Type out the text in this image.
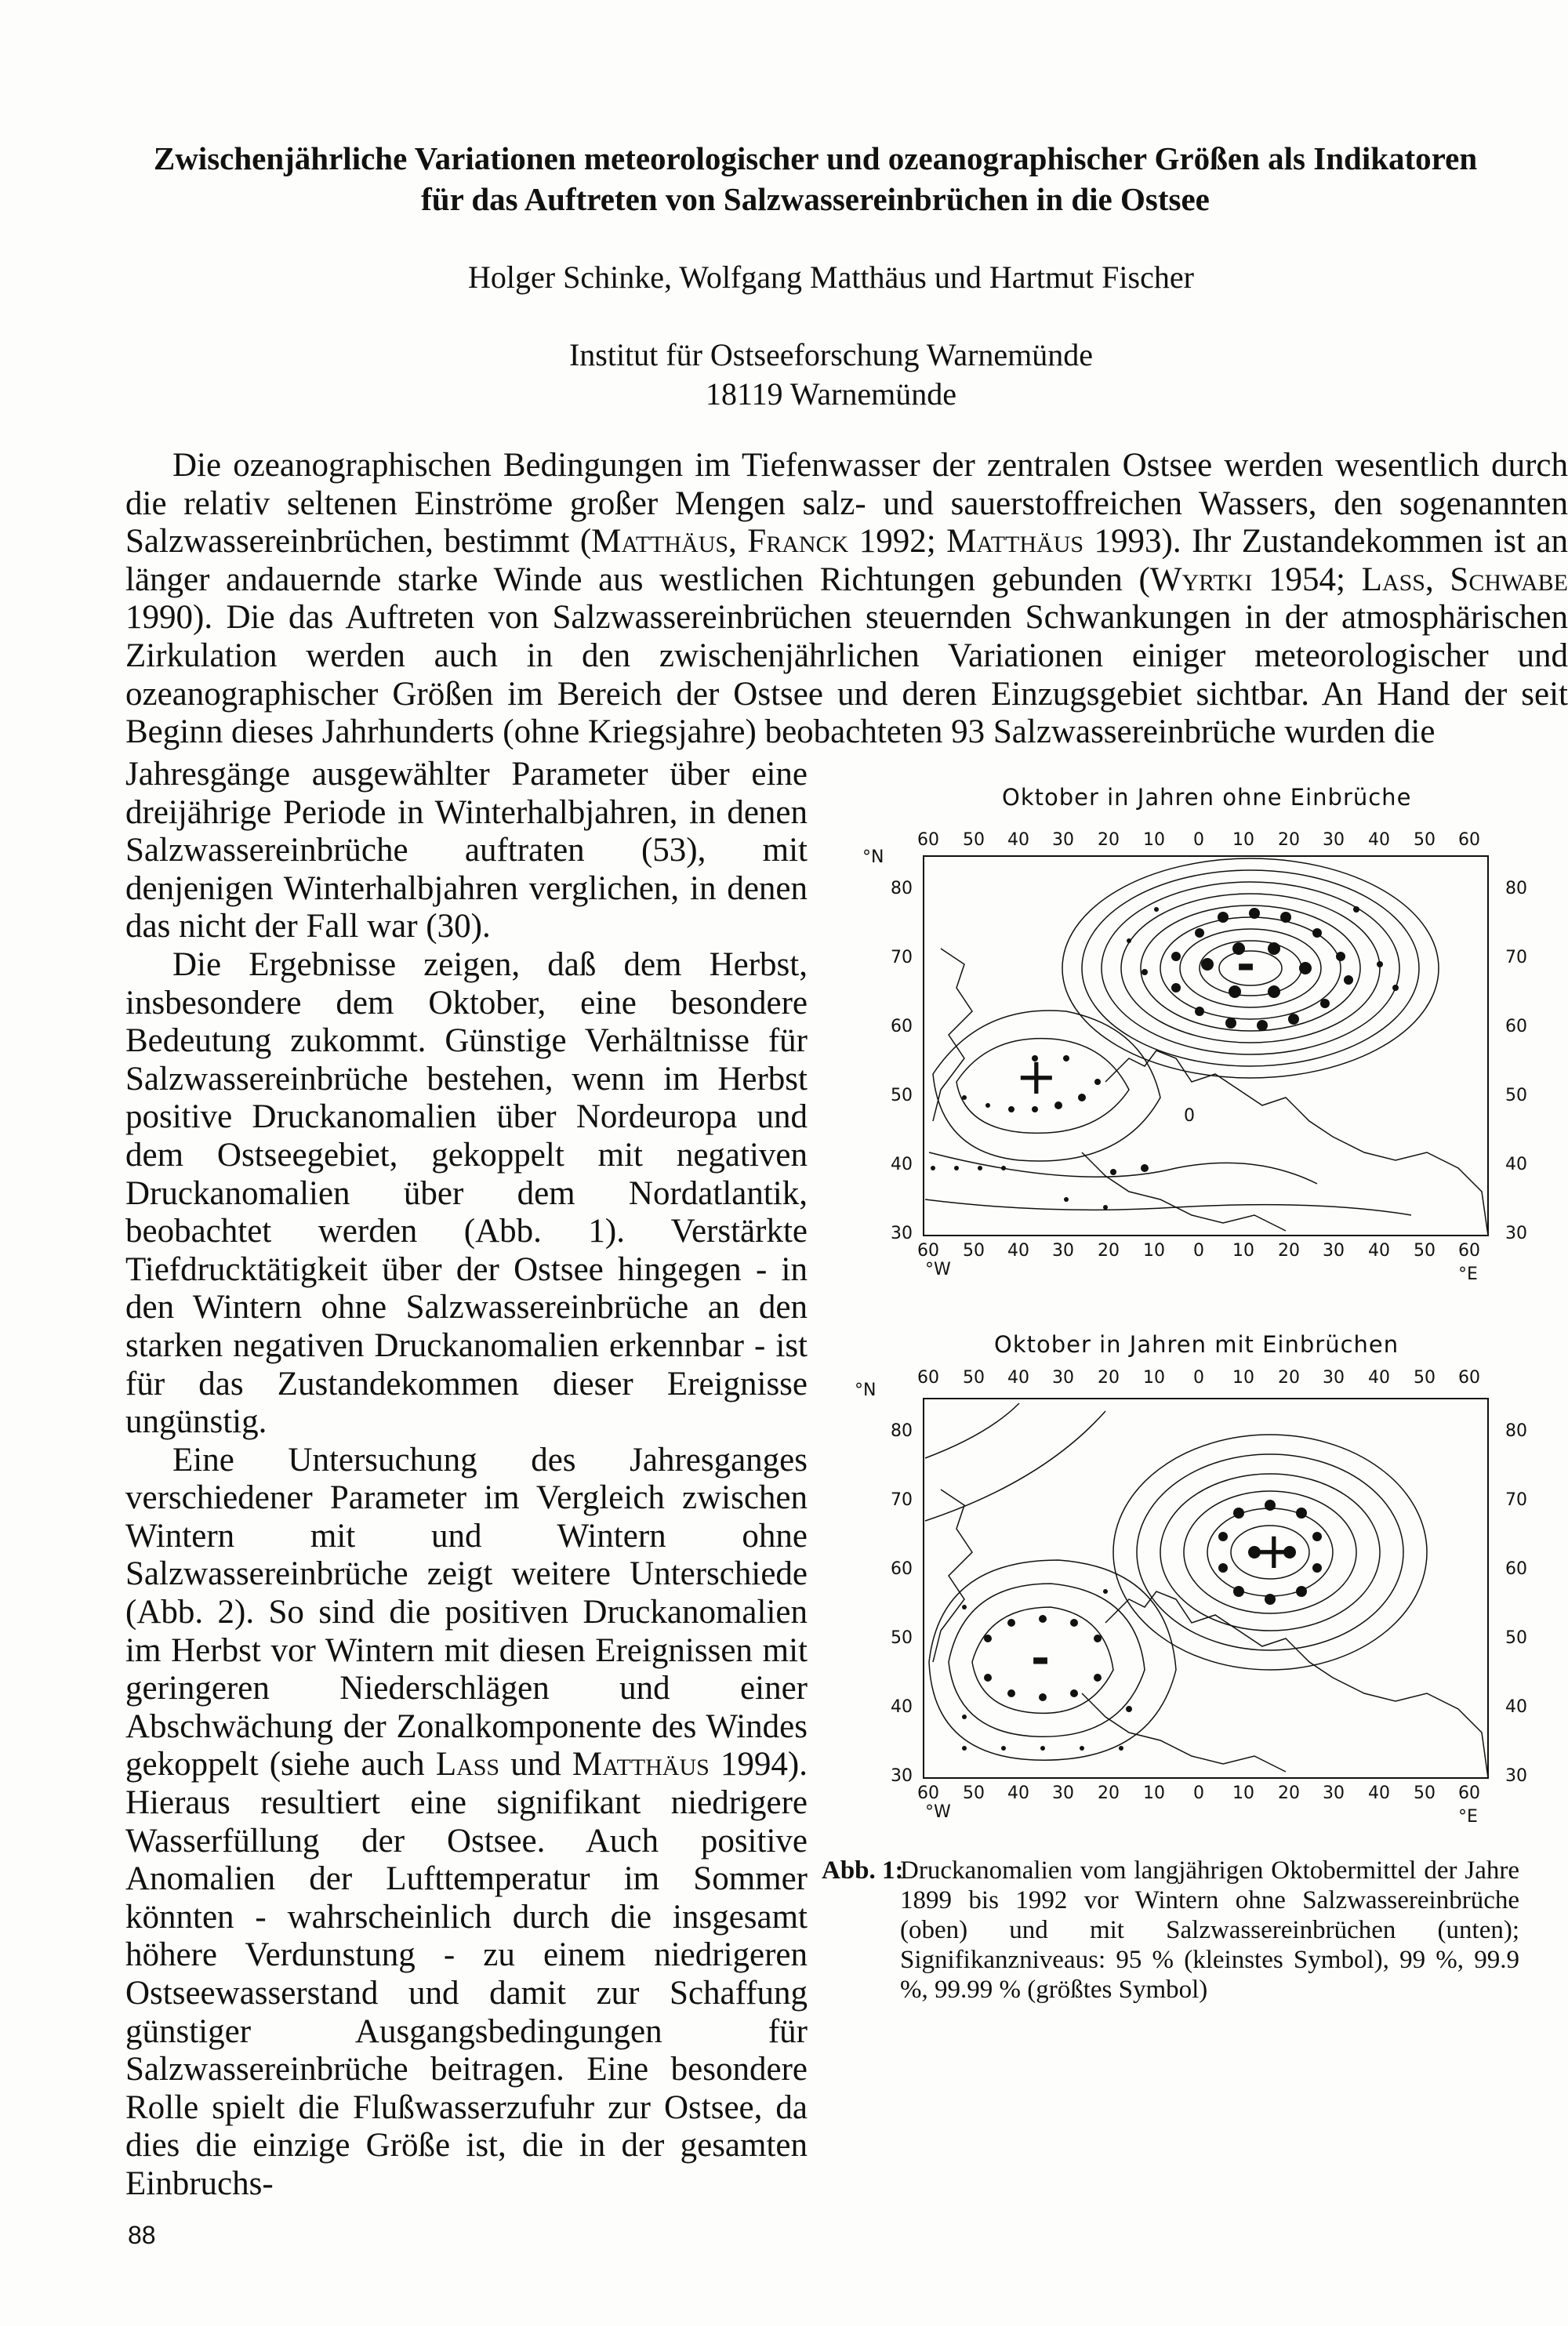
Zwischenjährliche Variationen meteorologischer und ozeanographischer Größen als Indikatoren
für das Auftreten von Salzwassereinbrüchen in die Ostsee
Holger Schinke, Wolfgang Matthäus und Hartmut Fischer
Institut für Ostseeforschung Warnemünde
18119 Warnemünde

Die ozeanographischen Bedingungen im Tiefenwasser der zentralen Ostsee werden wesentlich durch die relativ seltenen Einströme großer Mengen salz- und sauerstoffreichen Wassers, den sogenannten Salzwassereinbrüchen, bestimmt (Matthäus, Franck 1992; Matthäus 1993). Ihr Zustandekommen ist an länger andauernde starke Winde aus westlichen Richtungen gebunden (Wyrtki 1954; Lass, Schwabe 1990). Die das Auftreten von Salzwassereinbrüchen steuernden Schwankungen in der atmosphärischen Zirkulation werden auch in den zwischenjährlichen Variationen einiger meteorologischer und ozeanographischer Größen im Bereich der Ostsee und deren Einzugsgebiet sichtbar. An Hand der seit Beginn dieses Jahrhunderts (ohne Kriegsjahre) beobachteten 93 Salzwassereinbrüche wurden die

Jahresgänge ausgewählter Parameter über eine dreijährige Periode in Winterhalbjahren, in denen Salzwassereinbrüche auftraten (53), mit denjenigen Winterhalbjahren verglichen, in denen das nicht der Fall war (30).

Die Ergebnisse zeigen, daß dem Herbst, insbesondere dem Oktober, eine besondere Bedeutung zukommt. Günstige Verhältnisse für Salzwassereinbrüche bestehen, wenn im Herbst positive Druckanomalien über Nordeuropa und dem Ostseegebiet, gekoppelt mit negativen Druckanomalien über dem Nordatlantik, beobachtet werden (Abb. 1). Verstärkte Tiefdrucktätigkeit über der Ostsee hingegen - in den Wintern ohne Salzwassereinbrüche an den starken negativen Druckanomalien erkennbar - ist für das Zustandekommen dieser Ereignisse ungünstig.

Eine Untersuchung des Jahresganges verschiedener Parameter im Vergleich zwischen Wintern mit und Wintern ohne Salzwassereinbrüche zeigt weitere Unterschiede (Abb. 2). So sind die positiven Druckanomalien im Herbst vor Wintern mit diesen Ereignissen mit geringeren Niederschlägen und einer Abschwächung der Zonalkomponente des Windes gekoppelt (siehe auch Lass und Matthäus 1994). Hieraus resultiert eine signifikant niedrigere Wasserfüllung der Ostsee. Auch positive Anomalien der Lufttemperatur im Sommer könnten - wahrscheinlich durch die insgesamt höhere Verdunstung - zu einem niedrigeren Ostseewasserstand und damit zur Schaffung günstiger Ausgangsbedingungen für Salzwassereinbrüche beitragen. Eine besondere Rolle spielt die Flußwasserzufuhr zur Ostsee, da dies die einzige Größe ist, die in der gesamten Einbruchs-

Oktober in Jahren ohne Einbrüche
60 50 40 30 20 10 0 10 20 30 40 50 60
°N
80
70
60
50
40
30
80
70
60
50
40
30
60 50 40 30 20 10 0 10 20 30 40 50 60
°W	°E
0
-
+
Oktober in Jahren mit Einbrüchen
60 50 40 30 20 10 0 10 20 30 40 50 60
°N
80
70
60
50
40
30
80
70
60
50
40
30
60 50 40 30 20 10 0 10 20 30 40 50 60
°W	°E
+
-
Abb. 1:
Druckanomalien vom langjährigen Oktobermittel der Jahre 1899 bis 1992 vor Wintern ohne Salzwassereinbrüche (oben) und mit Salzwassereinbrüchen (unten); Signifikanzniveaus: 95 % (kleinstes Symbol), 99 %, 99.9 %, 99.99 % (größtes Symbol)
88
